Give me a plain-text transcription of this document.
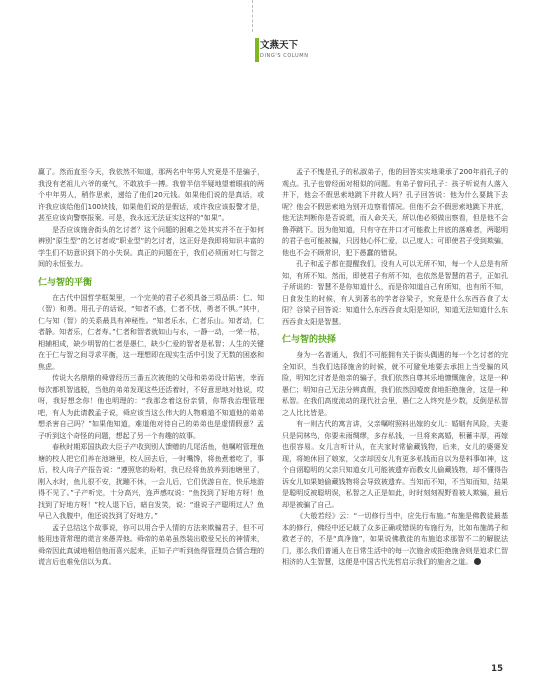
文燕天下
DING'S COLUMN

赢了。然而直至今天，我依然不知道，那两名中年男人究竟是不是骗子，我没有老祖儿六爷的豪气，不敢放手一搏。我曾半信半疑地望着眼前的两个中年男人，稍作思索，递给了他们20元钱。如果他们说的是真话，或许我应该给他们100块钱，如果他们说的是假话，或许我应该报警才是，甚至应该向警察报案。可是，我永远无法证实这样的“如果”。

是否应该施舍街头的乞讨者？这个问题的困难之处其实并不在于如何辨别“原生型”的乞讨者或“职业型”的乞讨者，这正好是我即将知识丰富的学生们不妨意识到下的小失误。真正的问题在于，我们必须面对仁与智之间的永恒张力。

仁与智的平衡

在古代中国哲学框架里，一个完美的君子必须具备三项品质：仁、知（智）和勇。用孔子的话说，“知者不惑，仁者不忧，勇者不惧。”其中，仁与知（智）的关系最具有神秘性。“知者乐水，仁者乐山。知者动，仁者静。知者乐，仁者寿。”仁者和智者就如山与水，一静一动，一荣一枯，相辅相成，缺少明智的仁者是愚仁，缺少仁爱的智者是私智；人生的关键在于仁与智之间寻求平衡，这一理想即在现实生活中引发了无数的困惑和焦虑。

传说大名鼎鼎的舜曾经历三番五次被他的父母和弟弟设计陷害，幸而每次都机智逃脱，当他的弟弟发现这些还活着时，不好意思地对他说，哎呀，我好想念你！他也明理的：“我那念着这份亲情，你帮我治理管理吧，有人为此请教孟子说，舜应该当这么伟大的人物难道不知道他的弟弟想杀害自己吗？”如果他知道，难道他对待自己的弟弟也是虚情假意？孟子听到这个奇怪的问题，想起了另一个有趣的故事。

春秋时期郑国执政大臣子产收到别人馈赠的几尾活鱼，他嘱咐管理鱼塘的校人把它们养在池塘里，校人回去后，一时嘴馋，将鱼煮着吃了，事后，校人向子产报告说：“遵照您的吩咐，我已经将鱼放养到池塘里了，刚入水时，鱼儿很不安，扰蹦不休，一会儿后，它们优游自在，快乐地游得不见了。”子产听完，十分高兴，连声感叹说：“鱼找到了好地方呀！鱼找到了好地方呀！”校人退下后，暗自发笑，说：“谁说子产聪明过人？鱼早已入我腹中，他还说找到了好地方。”

孟子总结这个故事说，你可以用合乎人情的方法来欺骗君子，但不可能用违背常理的谎言来愚弄他。舜帝的弟弟虽然装出敬爱兄长的神情来，舜帝因此真诚地相信他而喜兴起来，正如子产听到鱼得管理员合情合理的谎言后也难免信以为真。

孟子不愧是孔子的私淑弟子，他的回答实实地秉承了200年前孔子的观点。孔子也曾经面对相似的问题。有弟子曾问孔子：孩子听说有人落入井下，他会不假思索地跳下井救人吗？孔子回答说：他为什么要跳下去呢？他会不假思索地为别开边察看情况。但他不会不假思索地跳下井底，他无法判断你是否说谎，而人命关天，所以他必须做出察看，但是他不会鲁莽跳下。因为他知道，只有守在井口才可能救上井底的落难者，两聪明的君子也可能被骗，只因他心怀仁爱，以己度人；可即使君子受到欺骗，他也不会不顾常识，犯下愚蠢的错误。

孔子和孟子都在提醒我们，没有人可以无所不知，每一个人总是有所知，有所不知。然而，即使君子有所不知，也依然是智慧的君子，正如孔子所说的：智慧不是你知道什么，而是你知道自己有所知，也有所不知，日食发生的时候，有人到著名的学者谷梁子，究竟是什么东西吞食了太阳？谷梁子回答说：知道什么东西吞食太阳是知识，知道无法知道什么东西吞食太阳是智慧。

仁与智的抉择

身为一名普通人，我们不可能拥有关于街头偶遇的每一个乞讨者的完全知识，当我们选择施舍的时候，就不可避免地要去承担上当受骗的风险，明知乞讨者是他亲的骗子，我们依然自尊其乐地慷慨施舍，这是一种愚仁；明知自己无法分辨真假，我们依然因噎废食地拒绝施舍，这是一种私智。在我们高度流动的现代社会里，愚仁之人终究是少数，反倒是私智之人比比皆是。

有一则古代的寓言讲，父亲嘱咐照料出嫁的女儿：婚姻有风险，夫妻只是同林鸟，你要未雨绸缪，多存私钱，一旦将来离婚，积蓄丰厚，再嫁也很容易。女儿言听计从，在夫家时常偷藏钱物，后来，女儿的婆婆发现，将她休回了娘家，父亲却因女儿有更多私钱而自以为是料事如神，这个自诩聪明的父亲只知道女儿可能被遗弃而教女儿偷藏钱物，却不懂得告诉女儿如果她偷藏钱物将会导致被遗弃。当知而不知，不当知而知，结果是聪明反被聪明误，私智之人正是如此，时时刻刻视野看被人欺骗，最后却是被骗了自己。

《大般若经》云：“一切修行当中，应先行布施。”布施是佛教徒最基本的修行，佛经中还记载了众多正确或错误的布施行为，比如布施鸽子和救老子的，不是“真净施”，如果说佛教徒的布施追求那智不二的解脱法门，那么我们普通人在日常生活中的每一次施舍或拒绝施舍则是追求仁智相济的人生智慧，这便是中国古代先哲启示我们的施舍之道。

15
